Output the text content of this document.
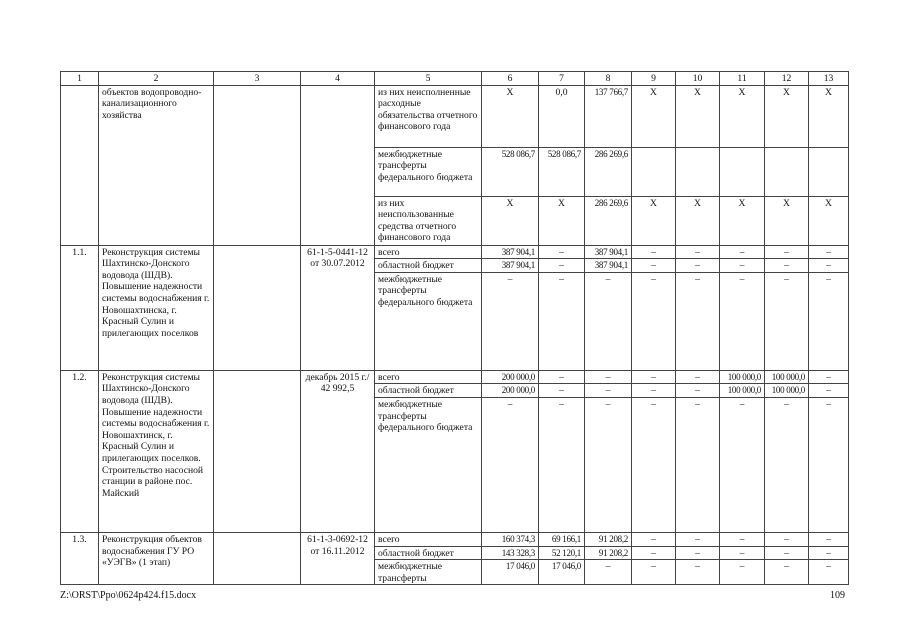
1	2	3	4	5	6	7	8	9	10	11	12	13
	объектов водопроводно-канализационного хозяйства			из них неисполненные расходные обязательства отчетного финансового года	Х	0,0	137 766,7	Х	Х	Х	Х	Х
				межбюджетные трансферты федерального бюджета	528 086,7	528 086,7	286 269,6					
				из них неиспользованные средства отчетного финансового года	Х	Х	286 269,6	Х	Х	Х	Х	Х
1.1.	Реконструкция системы Шахтинско-Донского водовода (ШДВ). Повышение надежности системы водоснабжения г. Новошахтинска, г. Красный Сулин и прилегающих поселков		61-1-5-0441-12 от 30.07.2012	всего	387 904,1	–	387 904,1	–	–	–	–	–
				областной бюджет	387 904,1	–	387 904,1	–	–	–	–	–
				межбюджетные трансферты федерального бюджета	–	–	–	–	–	–	–	–
1.2.	Реконструкция системы Шахтинско-Донского водовода (ШДВ). Повышение надежности системы водоснабжения г. Новошахтинск, г. Красный Сулин и прилегающих поселков. Строительство насосной станции в районе пос. Майский		декабрь 2015 г./ 42 992,5	всего	200 000,0	–	–	–	–	100 000,0	100 000,0	–
				областной бюджет	200 000,0	–	–	–	–	100 000,0	100 000,0	–
				межбюджетные трансферты федерального бюджета	–	–	–	–	–	–	–	–
1.3.	Реконструкция объектов водоснабжения ГУ РО «УЭГВ» (1 этап)		61-1-3-0692-12 от 16.11.2012	всего	160 374,3	69 166,1	91 208,2	–	–	–	–	–
				областной бюджет	143 328,3	52 120,1	91 208,2	–	–	–	–	–
				межбюджетные трансферты	17 046,0	17 046,0	–	–	–	–	–	–
Z:\ORST\Ppo\0624p424.f15.docx	109
